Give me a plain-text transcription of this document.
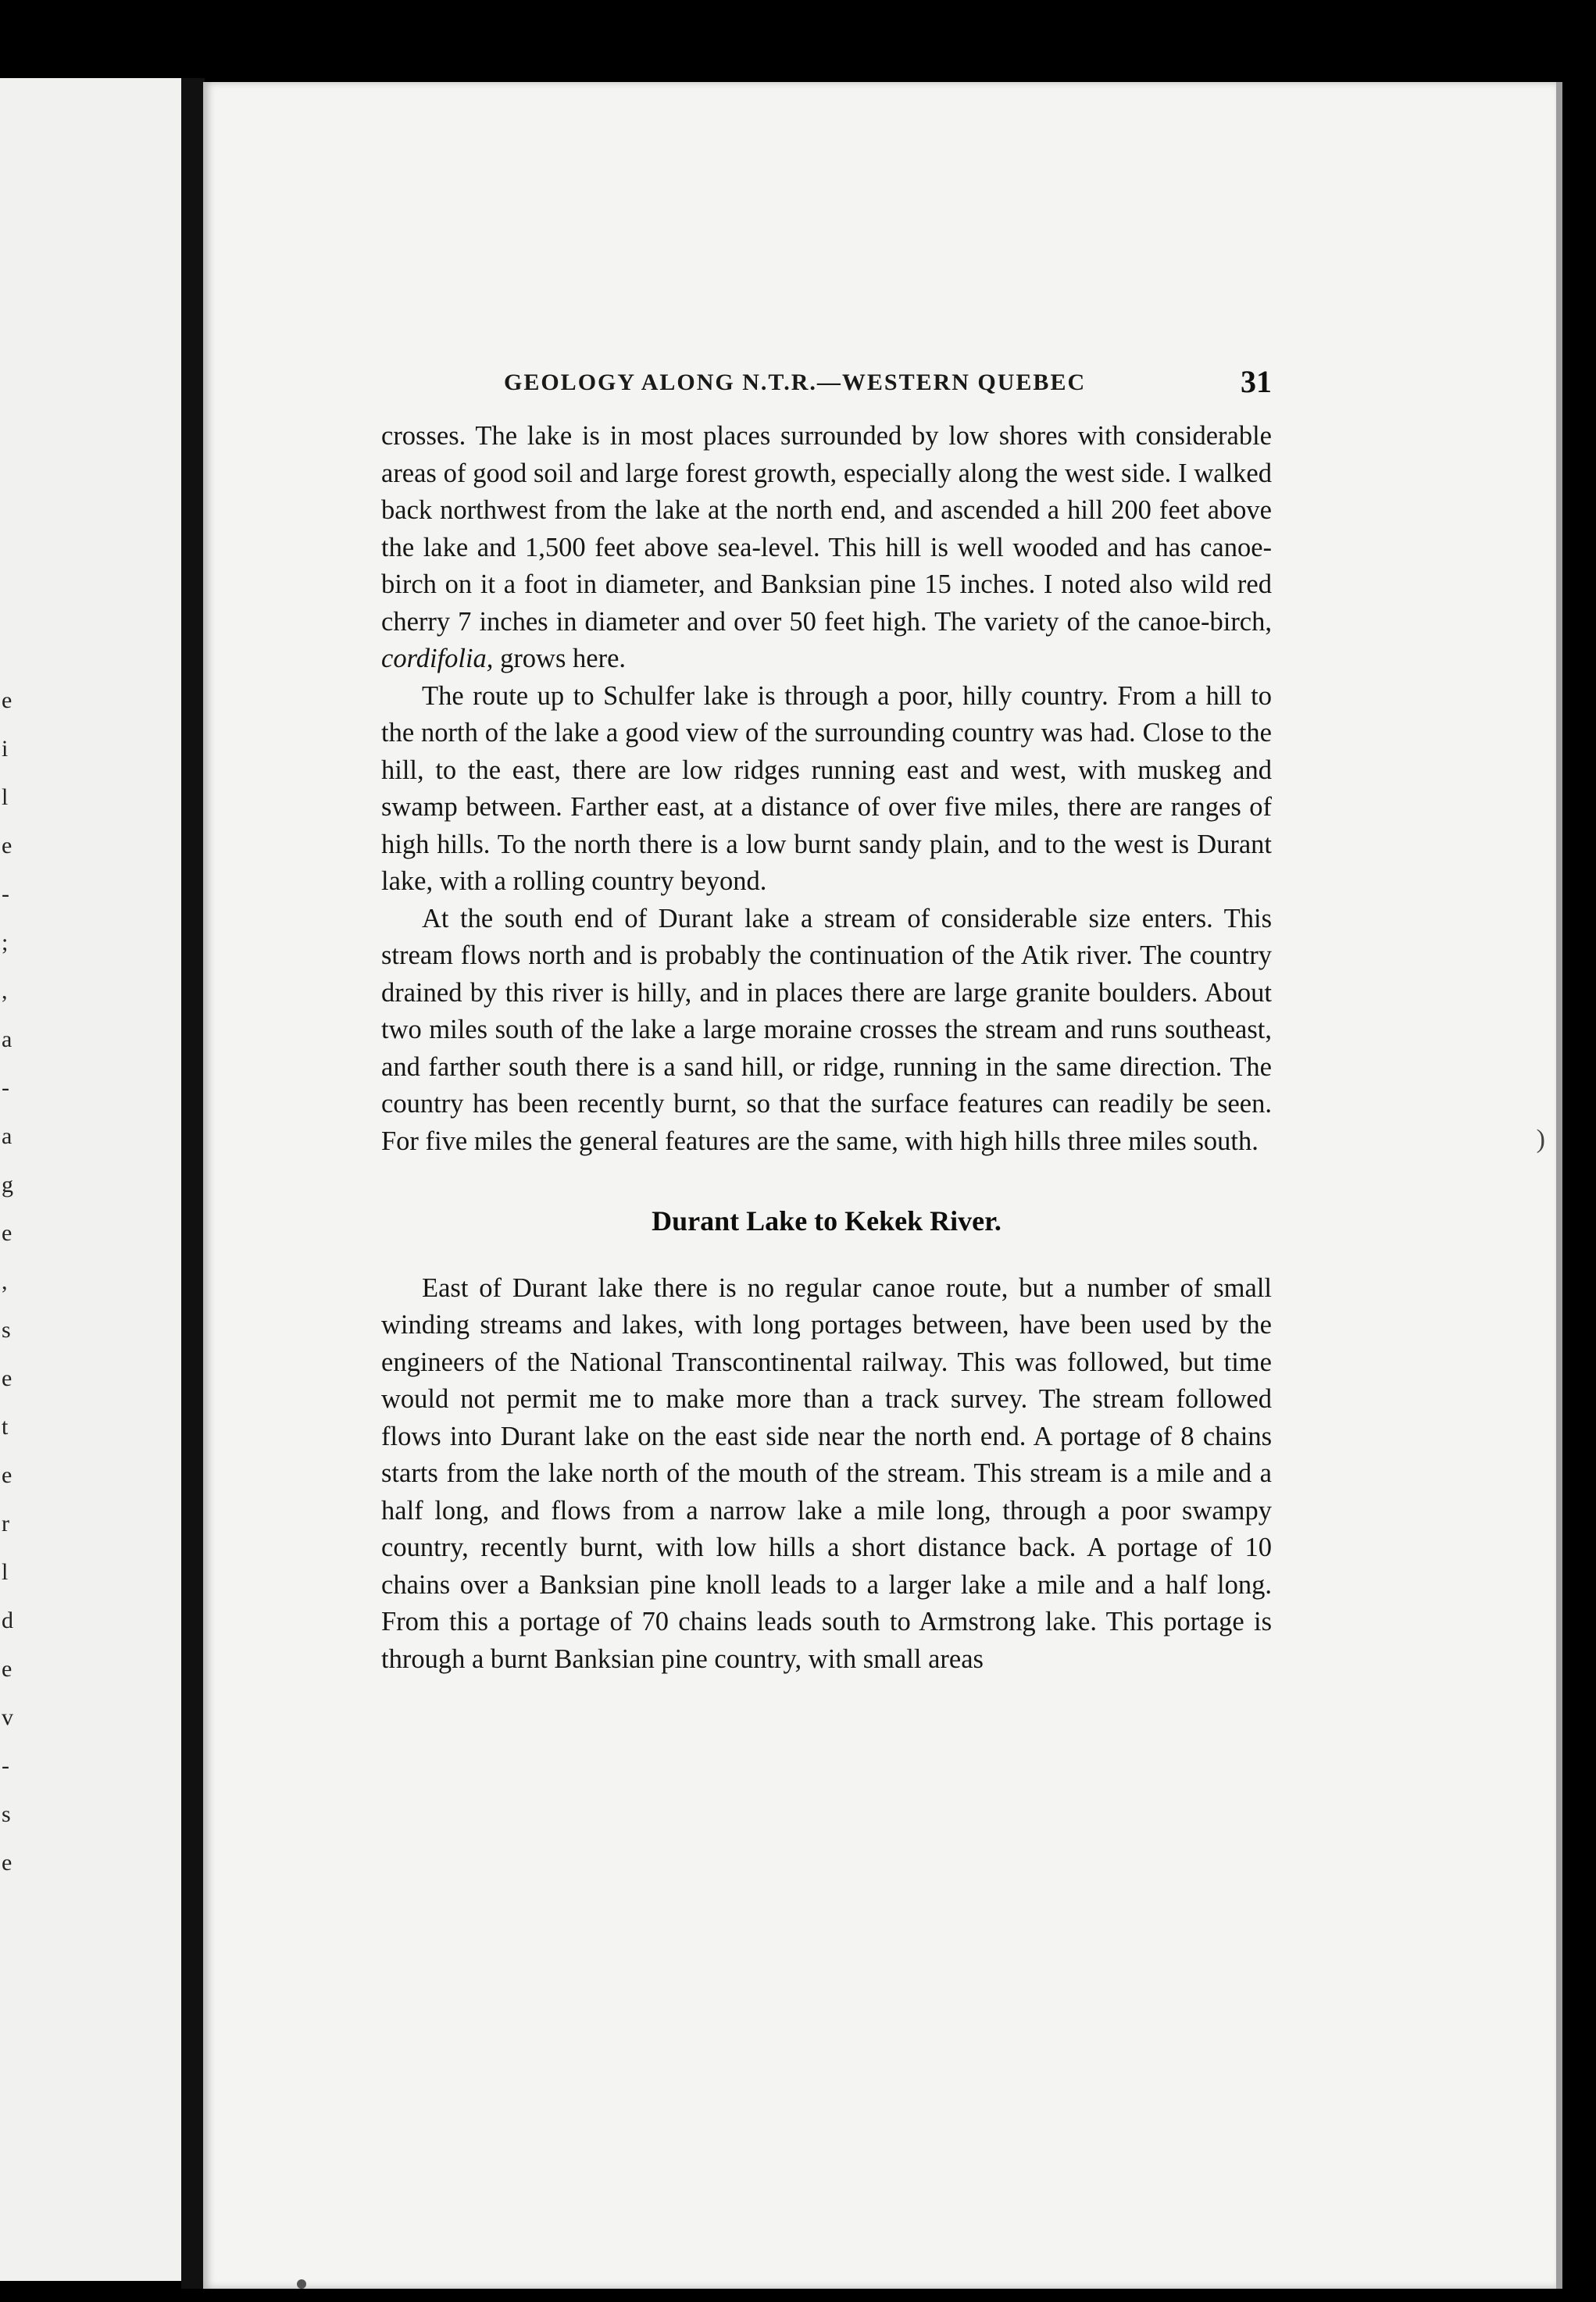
e
i
l
e
-
;
,
a
-
a
g
e
,
s
e
t
e
r
l
d
e
v
-
s
e
)
GEOLOGY ALONG N.T.R.—WESTERN QUEBEC	31

crosses. The lake is in most places surrounded by low shores with considerable areas of good soil and large forest growth, especially along the west side. I walked back northwest from the lake at the north end, and ascended a hill 200 feet above the lake and 1,500 feet above sea-level. This hill is well wooded and has canoe-birch on it a foot in diameter, and Banksian pine 15 inches. I noted also wild red cherry 7 inches in diameter and over 50 feet high. The variety of the canoe-birch, cordifolia, grows here.

The route up to Schulfer lake is through a poor, hilly country. From a hill to the north of the lake a good view of the surrounding country was had. Close to the hill, to the east, there are low ridges running east and west, with muskeg and swamp between. Farther east, at a distance of over five miles, there are ranges of high hills. To the north there is a low burnt sandy plain, and to the west is Durant lake, with a rolling country beyond.

At the south end of Durant lake a stream of considerable size enters. This stream flows north and is probably the continuation of the Atik river. The country drained by this river is hilly, and in places there are large granite boulders. About two miles south of the lake a large moraine crosses the stream and runs southeast, and farther south there is a sand hill, or ridge, running in the same direction. The country has been recently burnt, so that the surface features can readily be seen. For five miles the general features are the same, with high hills three miles south.

Durant Lake to Kekek River.

East of Durant lake there is no regular canoe route, but a number of small winding streams and lakes, with long portages between, have been used by the engineers of the National Transcontinental railway. This was followed, but time would not permit me to make more than a track survey. The stream followed flows into Durant lake on the east side near the north end. A portage of 8 chains starts from the lake north of the mouth of the stream. This stream is a mile and a half long, and flows from a narrow lake a mile long, through a poor swampy country, recently burnt, with low hills a short distance back. A portage of 10 chains over a Banksian pine knoll leads to a larger lake a mile and a half long. From this a portage of 70 chains leads south to Armstrong lake. This portage is through a burnt Banksian pine country, with small areas
